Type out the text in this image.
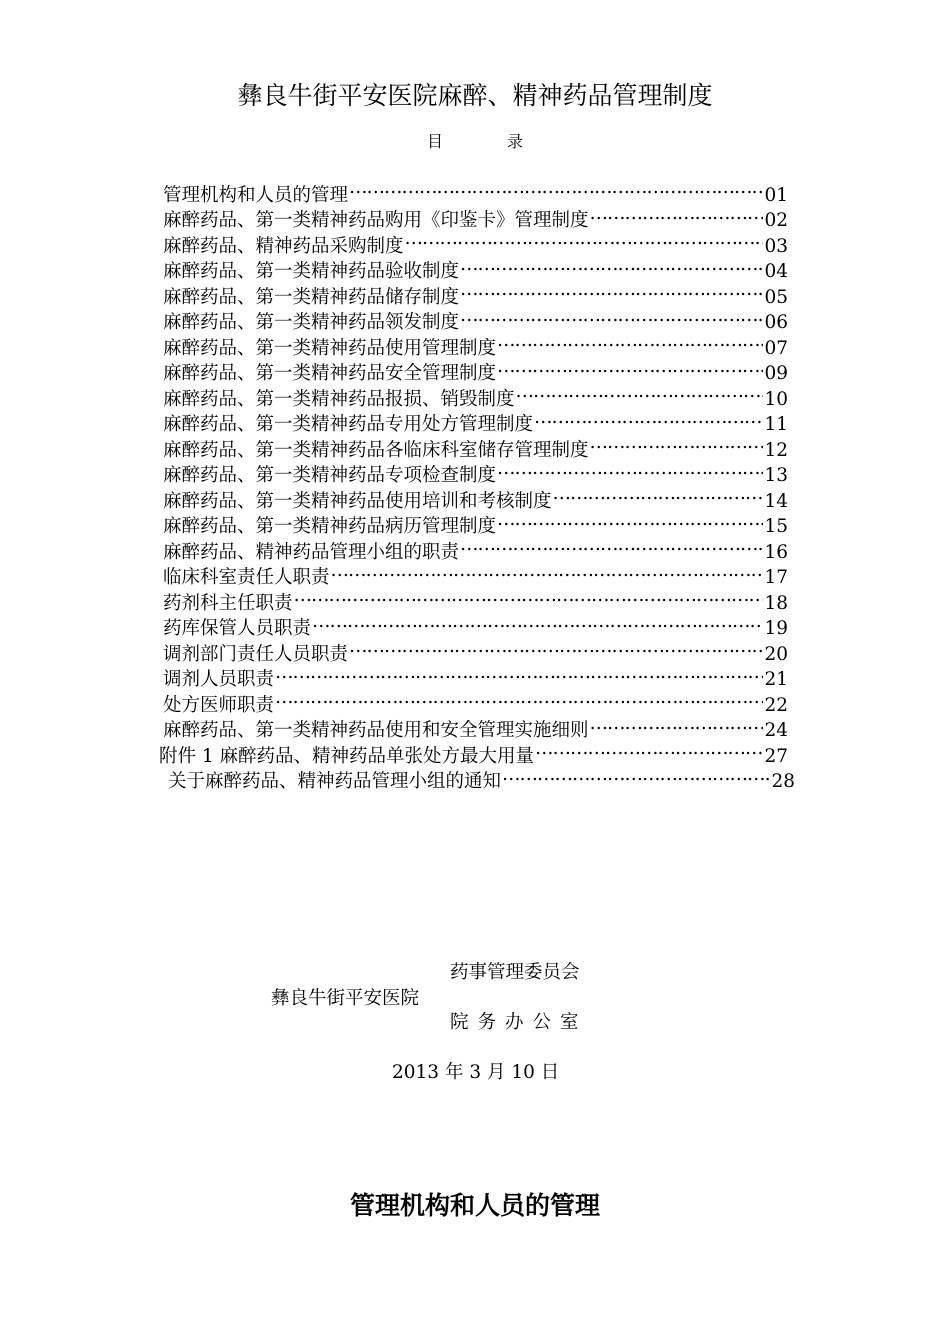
彝良牛街平安医院麻醉、精神药品管理制度
目录
管理机构和人员的管理 ………………………………………………………………………………………………………	01
麻醉药品、第一类精神药品购用《印鉴卡》管理制度 ………………………………………………………………………………………………………	02
麻醉药品、精神药品采购制度 ………………………………………………………………………………………………………	03
麻醉药品、第一类精神药品验收制度 ………………………………………………………………………………………………………	04
麻醉药品、第一类精神药品储存制度 ………………………………………………………………………………………………………	05
麻醉药品、第一类精神药品领发制度 ………………………………………………………………………………………………………	06
麻醉药品、第一类精神药品使用管理制度 ………………………………………………………………………………………………………	07
麻醉药品、第一类精神药品安全管理制度 ………………………………………………………………………………………………………	09
麻醉药品、第一类精神药品报损、销毁制度 ………………………………………………………………………………………………………	10
麻醉药品、第一类精神药品专用处方管理制度 ………………………………………………………………………………………………………	11
麻醉药品、第一类精神药品各临床科室储存管理制度 ………………………………………………………………………………………………………	12
麻醉药品、第一类精神药品专项检查制度 ………………………………………………………………………………………………………	13
麻醉药品、第一类精神药品使用培训和考核制度 ………………………………………………………………………………………………………	14
麻醉药品、第一类精神药品病历管理制度 ………………………………………………………………………………………………………	15
麻醉药品、精神药品管理小组的职责 ………………………………………………………………………………………………………	16
临床科室责任人职责 ………………………………………………………………………………………………………	17
药剂科主任职责 ………………………………………………………………………………………………………	18
药库保管人员职责 ………………………………………………………………………………………………………	19
调剂部门责任人员职责 ………………………………………………………………………………………………………	20
调剂人员职责 ………………………………………………………………………………………………………	21
处方医师职责 ………………………………………………………………………………………………………	22
麻醉药品、第一类精神药品使用和安全管理实施细则 ………………………………………………………………………………………………………	24
附件 1 麻醉药品、精神药品单张处方最大用量 ………………………………………………………………………………………………………	27
关于麻醉药品、精神药品管理小组的通知 ………………………………………………………………………………………………………	28
药事管理委员会
彝良牛街平安医院
院务办公室
2013 年 3 月 10 日
管理机构和人员的管理
